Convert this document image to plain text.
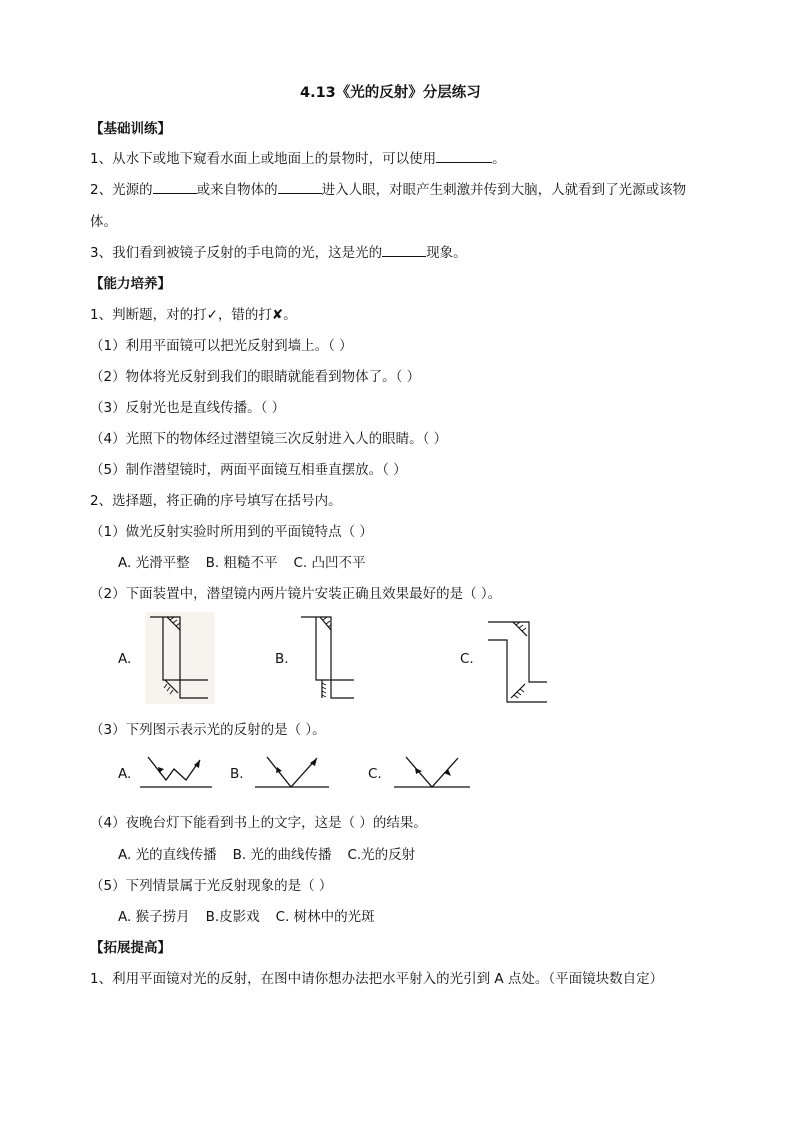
4.13《光的反射》分层练习
【基础训练】
1、从水下或地下窥看水面上或地面上的景物时，可以使用	。
2、光源的	或来自物体的	进入人眼，对眼产生刺激并传到大脑，人就看到了光源或该物
体。
3、我们看到被镜子反射的手电筒的光，这是光的	现象。
【能力培养】
1、判断题，对的打✓，错的打✘。
（1）利用平面镜可以把光反射到墙上。（ ）
（2）物体将光反射到我们的眼睛就能看到物体了。（ ）
（3）反射光也是直线传播。（ ）
（4）光照下的物体经过潜望镜三次反射进入人的眼睛。（ ）
（5）制作潜望镜时，两面平面镜互相垂直摆放。（ ）
2、选择题，将正确的序号填写在括号内。
（1）做光反射实验时所用到的平面镜特点（ ）
A. 光滑平整 B. 粗糙不平 C. 凸凹不平
（2）下面装置中，潜望镜内两片镜片安装正确且效果最好的是（ ）。
A.	B.	C.
（3）下列图示表示光的反射的是（ ）。
A.	B.	C.
（4）夜晚台灯下能看到书上的文字，这是（ ）的结果。
A. 光的直线传播 B. 光的曲线传播 C.光的反射
（5）下列情景属于光反射现象的是（ ）
A. 猴子捞月 B.皮影戏 C. 树林中的光斑
【拓展提高】
1、利用平面镜对光的反射，在图中请你想办法把水平射入的光引到 A 点处。（平面镜块数自定）
